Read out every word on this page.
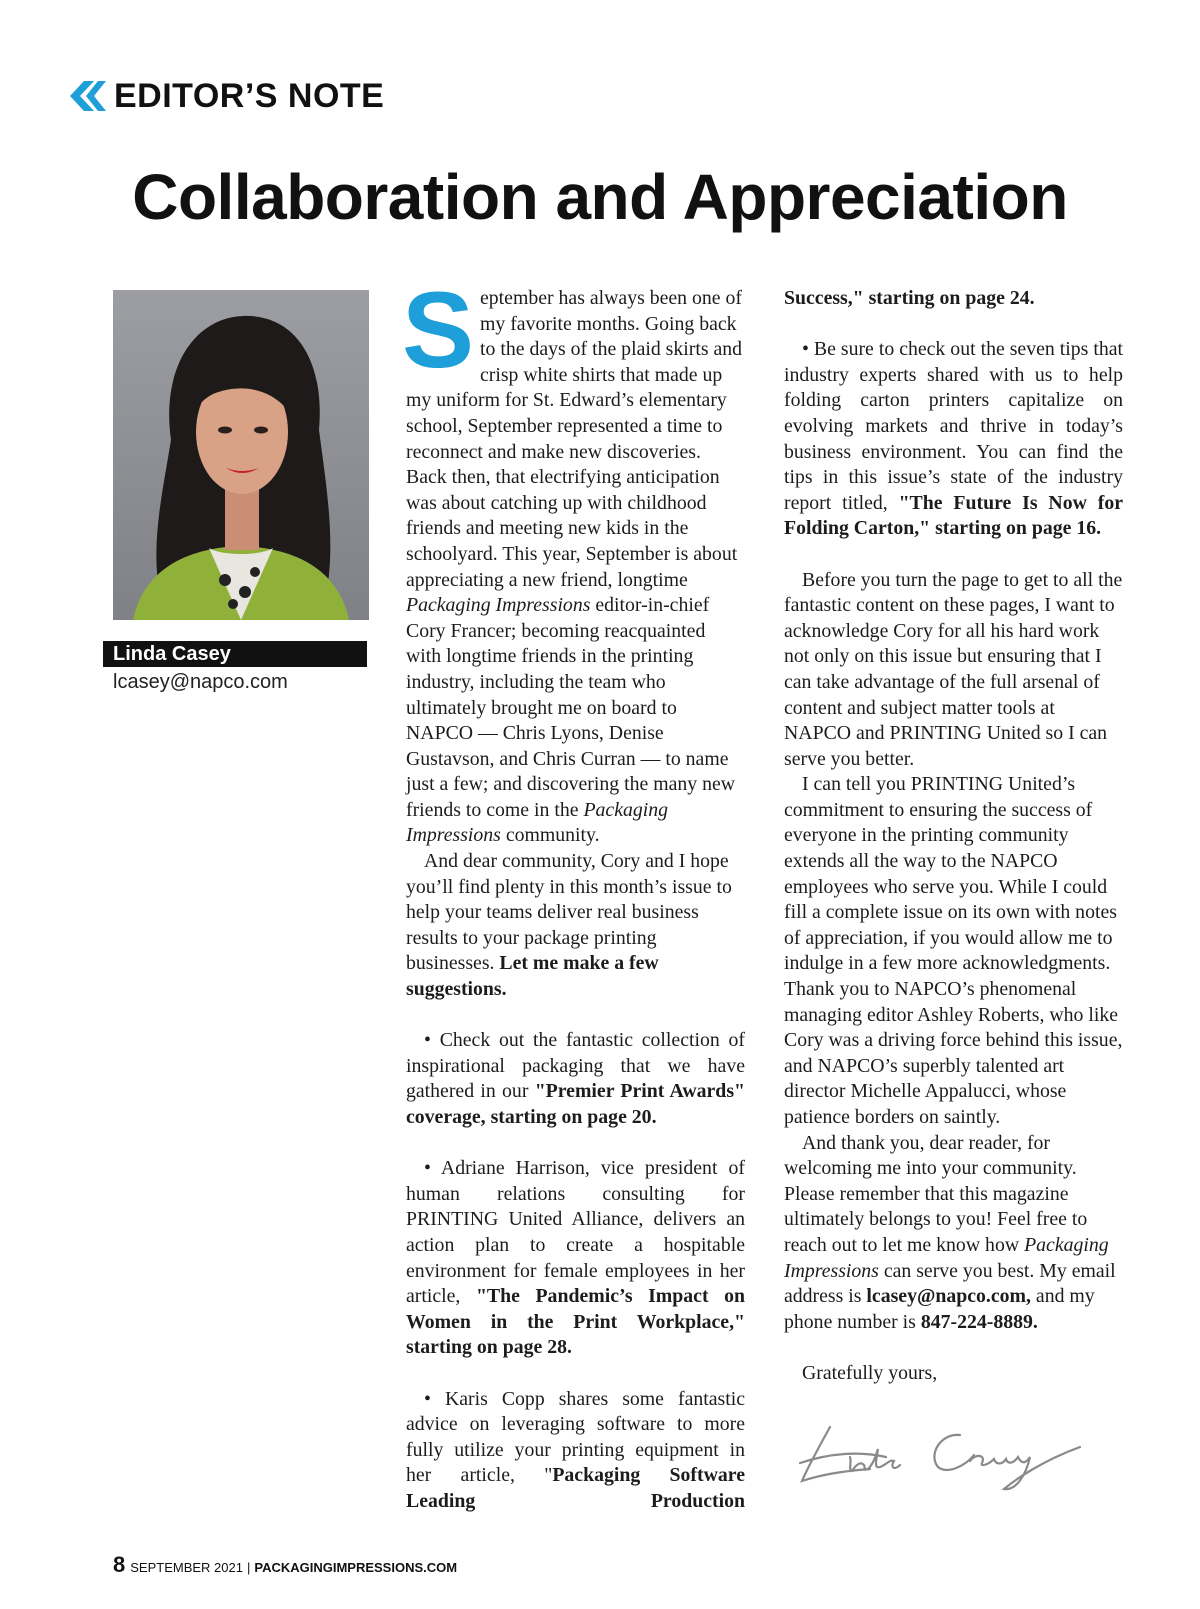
EDITOR’S NOTE
Collaboration and Appreciation
Linda Casey
lcasey@napco.com

September has always been one of my favorite months. Going back to the days of the plaid skirts and crisp white shirts that made up my uniform for St. Edward’s elementary school, September represented a time to reconnect and make new discoveries. Back then, that electrifying anticipation was about catching up with childhood friends and meeting new kids in the schoolyard. This year, September is about appreciating a new friend, longtime Packaging Impressions editor-in-chief Cory Francer; becoming reacquainted with longtime friends in the printing industry, including the team who ultimately brought me on board to NAPCO — Chris Lyons, Denise Gustavson, and Chris Curran — to name just a few; and discovering the many new friends to come in the Packaging Impressions community.

And dear community, Cory and I hope you’ll find plenty in this month’s issue to help your teams deliver real business results to your package printing businesses. Let me make a few suggestions.

• Check out the fantastic collection of inspirational packaging that we have gathered in our "Premier Print Awards" coverage, starting on page 20.

• Adriane Harrison, vice president of human relations consulting for PRINTING United Alliance, delivers an action plan to create a hospitable environment for female employees in her article, "The Pandemic’s Impact on Women in the Print Workplace," starting on page 28.

• Karis Copp shares some fantastic advice on leveraging software to more fully utilize your printing equipment in her article, "Packaging Software Leading Production

Success," starting on page 24.

• Be sure to check out the seven tips that industry experts shared with us to help folding carton printers capitalize on evolving markets and thrive in today’s business environment. You can find the tips in this issue’s state of the industry report titled, "The Future Is Now for Folding Carton," starting on page 16.

Before you turn the page to get to all the fantastic content on these pages, I want to acknowledge Cory for all his hard work not only on this issue but ensuring that I can take advantage of the full arsenal of content and subject matter tools at NAPCO and PRINTING United so I can serve you better.

I can tell you PRINTING United’s commitment to ensuring the success of everyone in the printing community extends all the way to the NAPCO employees who serve you. While I could fill a complete issue on its own with notes of appreciation, if you would allow me to indulge in a few more acknowledgments. Thank you to NAPCO’s phenomenal managing editor Ashley Roberts, who like Cory was a driving force behind this issue, and NAPCO’s superbly talented art director Michelle Appalucci, whose patience borders on saintly.

And thank you, dear reader, for welcoming me into your community. Please remember that this magazine ultimately belongs to you! Feel free to reach out to let me know how Packaging Impressions can serve you best. My email address is lcasey@napco.com, and my phone number is 847-224-8889.

Gratefully yours,

8 SEPTEMBER 2021 | PACKAGINGIMPRESSIONS.COM
